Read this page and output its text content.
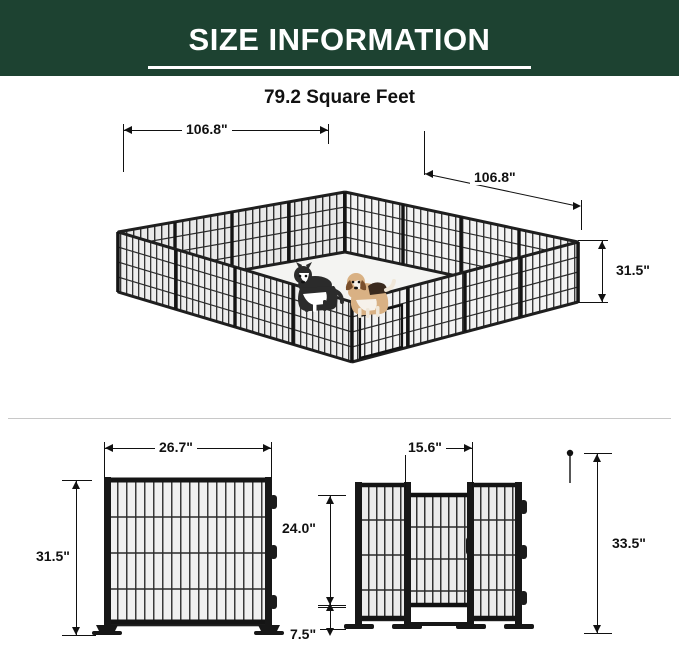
SIZE INFORMATION
79.2 Square Feet
106.8"
106.8"
31.5"
26.7"
31.5"
15.6"
24.0"
7.5"
33.5"
